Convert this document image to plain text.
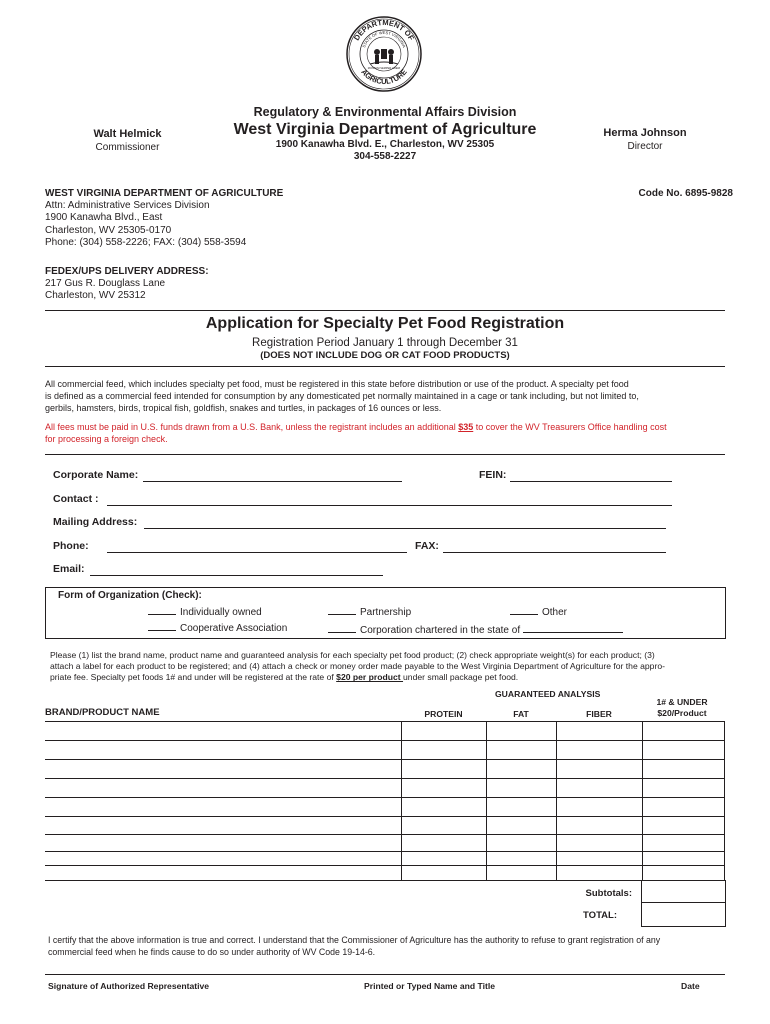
DEPARTMENT OF
AGRICULTURE
STATE OF WEST VIRGINIA
MONTANI SEMPER LIBERI
Regulatory & Environmental Affairs Division
West Virginia Department of Agriculture
1900 Kanawha Blvd. E., Charleston, WV 25305
304-558-2227
Walt Helmick
Commissioner
Herma Johnson
Director
WEST VIRGINIA DEPARTMENT OF AGRICULTURE
Attn: Administrative Services Division
1900 Kanawha Blvd., East
Charleston, WV 25305-0170
Phone: (304) 558-2226; FAX: (304) 558-3594
Code No. 6895-9828
FEDEX/UPS DELIVERY ADDRESS:
217 Gus R. Douglass Lane
Charleston, WV 25312
Application for Specialty Pet Food Registration
Registration Period January 1 through December 31
(DOES NOT INCLUDE DOG OR CAT FOOD PRODUCTS)
All commercial feed, which includes specialty pet food, must be registered in this state before distribution or use of the product. A specialty pet food
is defined as a commercial feed intended for consumption by any domesticated pet normally maintained in a cage or tank including, but not limited to,
gerbils, hamsters, birds, tropical fish, goldfish, snakes and turtles, in packages of 16 ounces or less.
All fees must be paid in U.S. funds drawn from a U.S. Bank, unless the registrant includes an additional $35 to cover the WV Treasurers Office handling cost
for processing a foreign check.
Corporate Name:	FEIN:
Contact :
Mailing Address:
Phone:	FAX:
Email:
Form of Organization (Check):
Individually owned	Partnership	Other
Cooperative Association	Corporation chartered in the state of
Please (1) list the brand name, product name and guaranteed analysis for each specialty pet food product; (2) check appropriate weight(s) for each product; (3)
attach a label for each product to be registered; and (4) attach a check or money order made payable to the West Virginia Department of Agriculture for the appro-
priate fee. Specialty pet foods 1# and under will be registered at the rate of $20 per product under small package pet food.
GUARANTEED ANALYSIS
1# & UNDER
$20/Product
BRAND/PRODUCT NAME	PROTEIN	FAT	FIBER
Subtotals:
TOTAL:
I certify that the above information is true and correct. I understand that the Commissioner of Agriculture has the authority to refuse to grant registration of any
commercial feed when he finds cause to do so under authority of WV Code 19-14-6.
Signature of Authorized Representative	Printed or Typed Name and Title	Date
